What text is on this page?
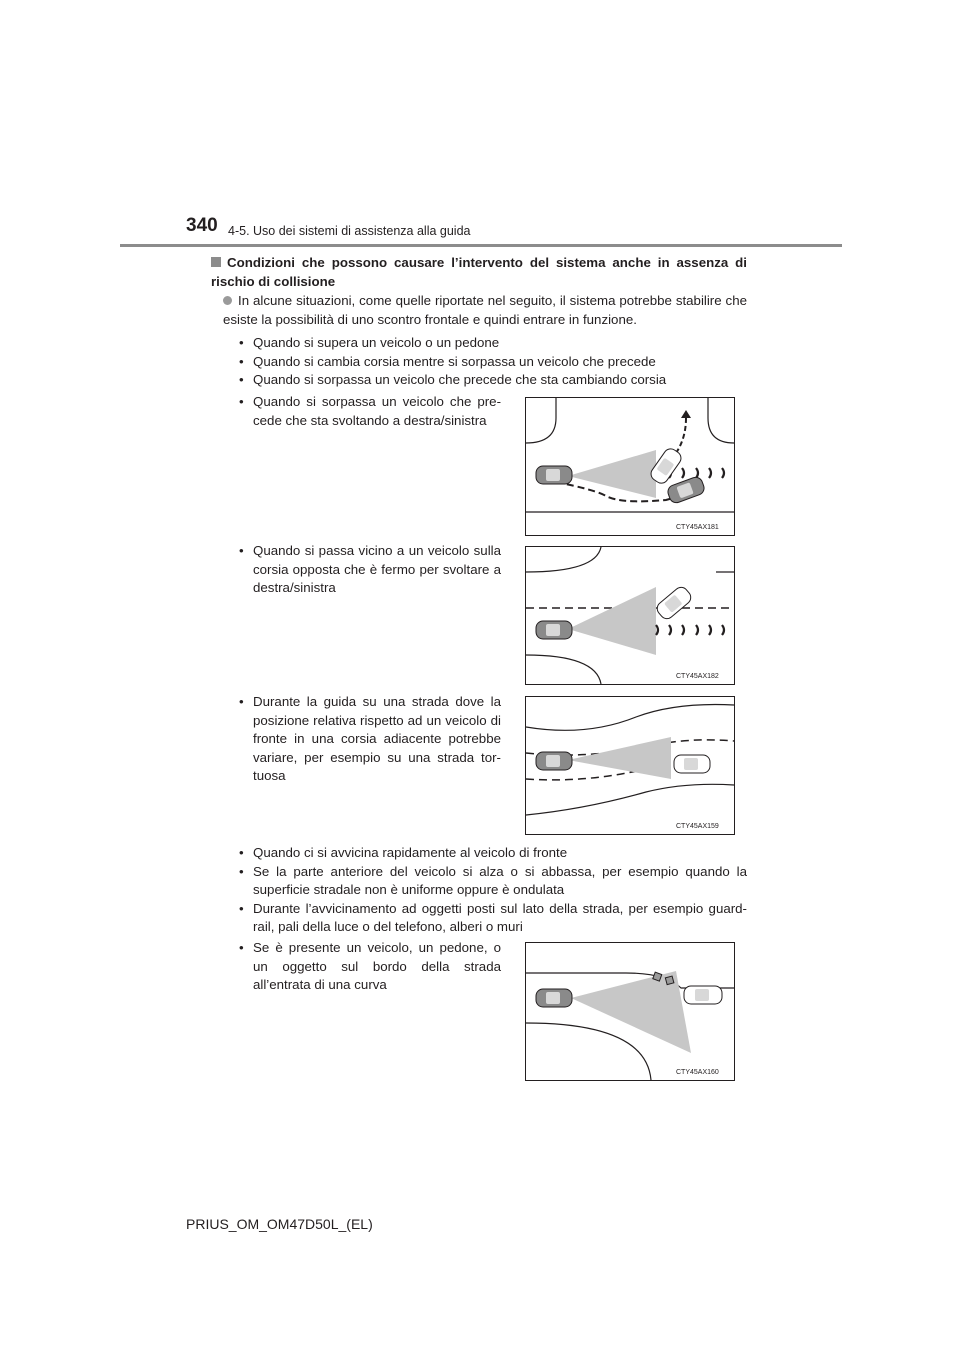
340 4-5. Uso dei sistemi di assistenza alla guida
Condizioni che possono causare l’intervento del sistema anche in assenza di rischio di collisione
In alcune situazioni, come quelle riportate nel seguito, il sistema potrebbe stabilire che esiste la possibilità di uno scontro frontale e quindi entrare in funzione.
• Quando si supera un veicolo o un pedone
• Quando si cambia corsia mentre si sorpassa un veicolo che precede
• Quando si sorpassa un veicolo che precede che sta cambiando corsia
• Quando si sorpassa un veicolo che pre-cede che sta svoltando a destra/sinistra
CTY45AX181
• Quando si passa vicino a un veicolo sulla corsia opposta che è fermo per svoltare a destra/sinistra
CTY45AX182
• Durante la guida su una strada dove la posizione relativa rispetto ad un veicolo di fronte in una corsia adiacente potrebbe variare, per esempio su una strada tor-tuosa
CTY45AX159
• Quando ci si avvicina rapidamente al veicolo di fronte
• Se la parte anteriore del veicolo si alza o si abbassa, per esempio quando la superficie stradale non è uniforme oppure è ondulata
• Durante l’avvicinamento ad oggetti posti sul lato della strada, per esempio guard-rail, pali della luce o del telefono, alberi o muri
• Se è presente un veicolo, un pedone, o un oggetto sul bordo della strada all’entrata di una curva
CTY45AX160
PRIUS_OM_OM47D50L_(EL)
